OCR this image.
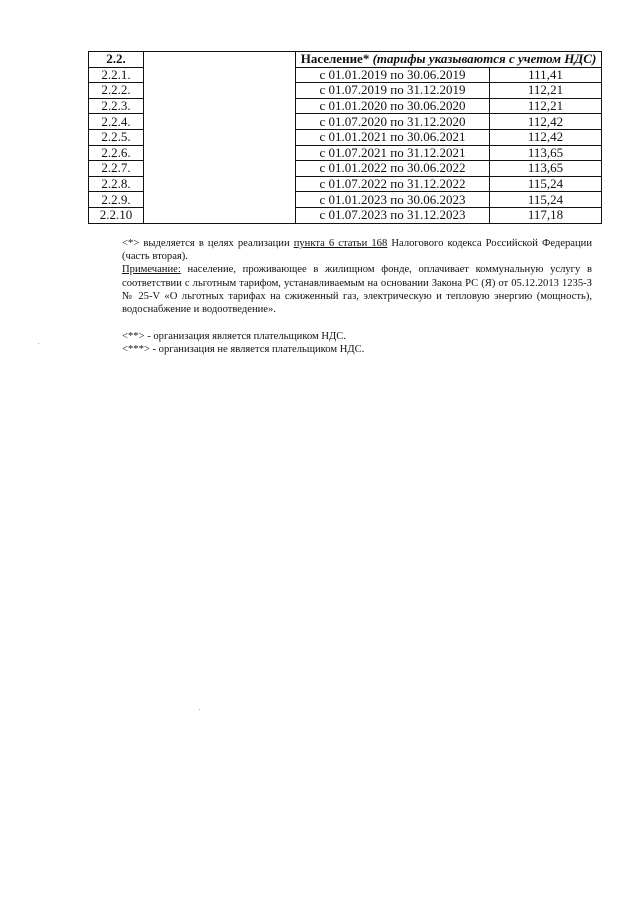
2.2.		Население* (тарифы указываются с учетом НДС)	
2.2.1.		с 01.01.2019 по 30.06.2019	111,41
2.2.2.		с 01.07.2019 по 31.12.2019	112,21
2.2.3.		с 01.01.2020 по 30.06.2020	112,21
2.2.4.		с 01.07.2020 по 31.12.2020	112,42
2.2.5.		с 01.01.2021 по 30.06.2021	112,42
2.2.6.		с 01.07.2021 по 31.12.2021	113,65
2.2.7.		с 01.01.2022 по 30.06.2022	113,65
2.2.8.		с 01.07.2022 по 31.12.2022	115,24
2.2.9.		с 01.01.2023 по 30.06.2023	115,24
2.2.10		с 01.07.2023 по 31.12.2023	117,18

<*> выделяется в целях реализации пункта 6 статьи 168 Налогового кодекса Российской Федерации (часть вторая).

Примечание: население, проживающее в жилищном фонде, оплачивает коммунальную услугу в соответствии с льготным тарифом, устанавливаемым на основании Закона РС (Я) от 05.12.2013 1235-З № 25-V «О льготных тарифах на сжиженный газ, электрическую и тепловую энергию (мощность), водоснабжение и водоотведение».

<**> - организация является плательщиком НДС.

<***> - организация не является плательщиком НДС.
